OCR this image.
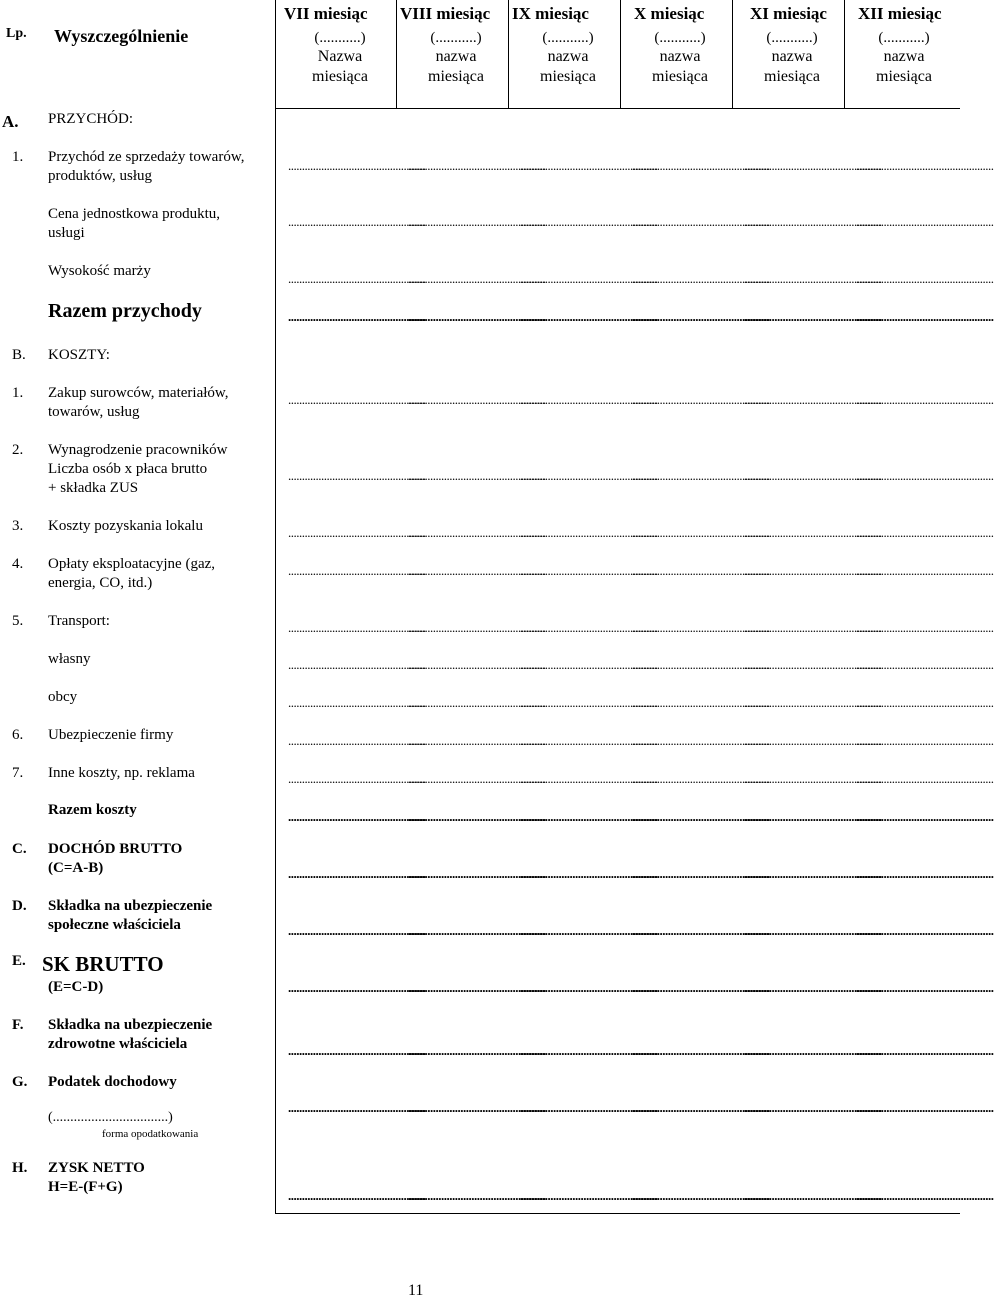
Lp. Wyszczególnienie
VII miesiąc
(...........)
Nazwa
miesiąca
VIII miesiąc
(...........)
nazwa
miesiąca
IX miesiąc
(...........)
nazwa
miesiąca
X miesiąc
(...........)
nazwa
miesiąca
XI miesiąc
(...........)
nazwa
miesiąca
XII miesiąc
(...........)
nazwa
miesiąca
A. PRZYCHÓD:
1. Przychód ze sprzedaży towarów,
produktów, usług
Cena jednostkowa produktu,
usługi
Wysokość marży
Razem przychody
B. KOSZTY:
1. Zakup surowców, materiałów,
towarów, usług
2. Wynagrodzenie pracowników
Liczba osób x płaca brutto
+ składka ZUS
3. Koszty pozyskania lokalu
4. Opłaty eksploatacyjne (gaz,
energia, CO, itd.)
5. Transport:
własny
obcy
6. Ubezpieczenie firmy
7. Inne koszty, np. reklama
Razem koszty
C. DOCHÓD BRUTTO
(C=A-B)
D. Składka na ubezpieczenie
społeczne właściciela
E. SK BRUTTO
(E=C-D)
F. Składka na ubezpieczenie
zdrowotne właściciela
G. Podatek dochodowy
(.................................)
forma opodatkowania
H. ZYSK NETTO
H=E-(F+G)
..................................................
..................................................
..................................................
..................................................
..................................................
..................................................
..................................................
..................................................
..................................................
..................................................
..................................................
..................................................
..................................................
..................................................
..................................................
..................................................
..................................................
..................................................
..................................................
..................................................
..................................................
..................................................
..................................................
..................................................
..................................................
..................................................
..................................................
..................................................
..................................................
..................................................
..................................................
..................................................
..................................................
..................................................
..................................................
..................................................
..................................................
..................................................
..................................................
..................................................
..................................................
..................................................
..................................................
..................................................
..................................................
..................................................
..................................................
..................................................
..................................................
..................................................
..................................................
..................................................
..................................................
..................................................
..................................................
..................................................
..................................................
..................................................
..................................................
..................................................
..................................................
..................................................
..................................................
..................................................
..................................................
..................................................
..................................................
..................................................
..................................................
..................................................
..................................................
..................................................
..................................................
..................................................
..................................................
..................................................
..................................................
..................................................
..................................................
..................................................
..................................................
..................................................
..................................................
..................................................
..................................................
..................................................
..................................................
..................................................
..................................................
..................................................
..................................................
..................................................
..................................................
..................................................
..................................................
..................................................
..................................................
..................................................
..................................................
..................................................
..................................................
..................................................
..................................................
..................................................
..................................................
..................................................
..................................................
..................................................
..................................................
..................................................
..................................................
..................................................
..................................................
..................................................
..................................................
..................................................
..................................................
..................................................
..................................................
..................................................
11
